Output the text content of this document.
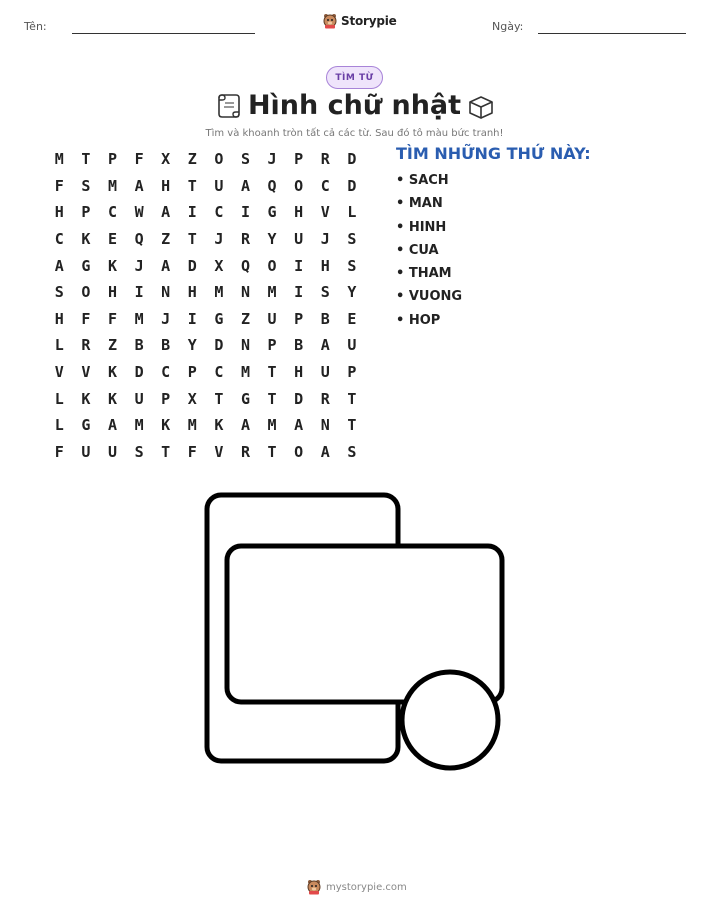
Tên:	Storypie	Ngày:
TÌM TỪ
Hình chữ nhật
Tìm và khoanh tròn tất cả các từ. Sau đó tô màu bức tranh!
M	T	P	F	X	Z	O	S	J	P	R	D
F	S	M	A	H	T	U	A	Q	O	C	D
H	P	C	W	A	I	C	I	G	H	V	L
C	K	E	Q	Z	T	J	R	Y	U	J	S
A	G	K	J	A	D	X	Q	O	I	H	S
S	O	H	I	N	H	M	N	M	I	S	Y
H	F	F	M	J	I	G	Z	U	P	B	E
L	R	Z	B	B	Y	D	N	P	B	A	U
V	V	K	D	C	P	C	M	T	H	U	P
L	K	K	U	P	X	T	G	T	D	R	T
L	G	A	M	K	M	K	A	M	A	N	T
F	U	U	S	T	F	V	R	T	O	A	S
TÌM NHỮNG THỨ NÀY:
• SACH
• MAN
• HINH
• CUA
• THAM
• VUONG
• HOP
mystorypie.com
